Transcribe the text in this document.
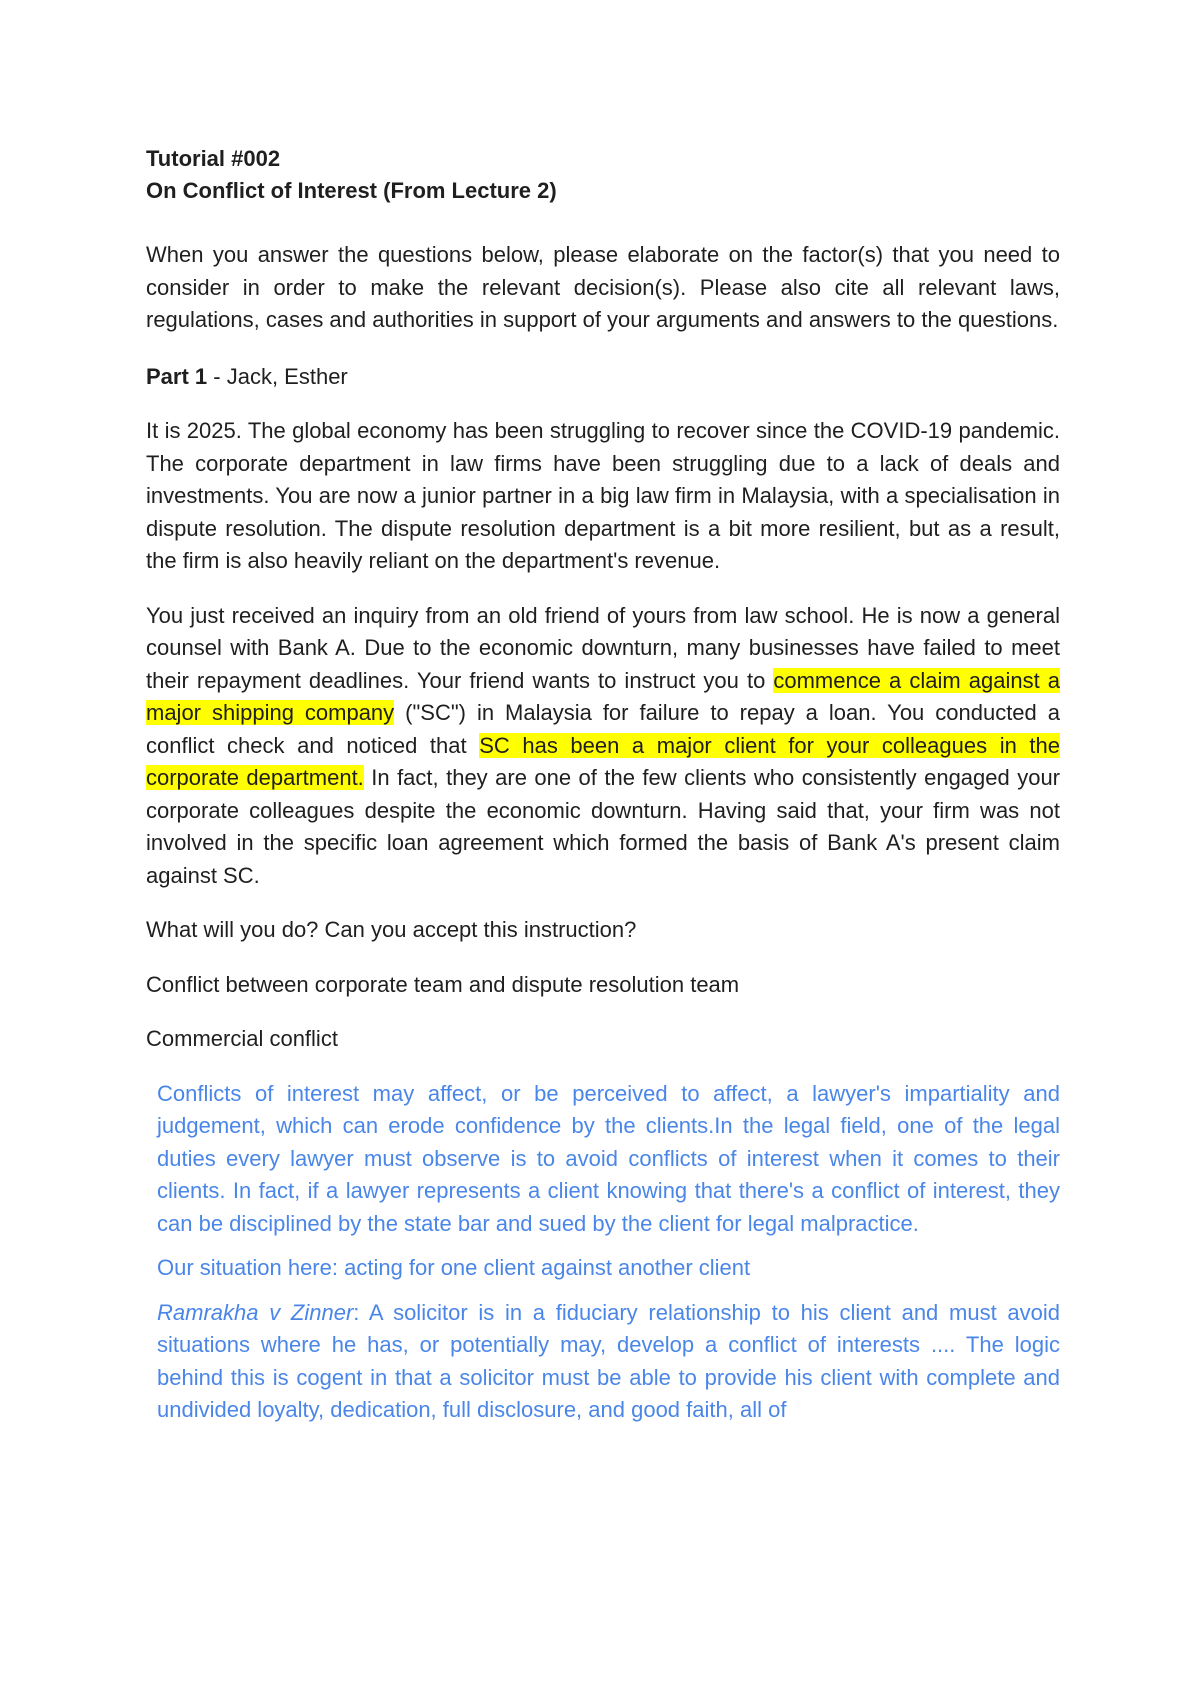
Tutorial #002
On Conflict of Interest (From Lecture 2)

When you answer the questions below, please elaborate on the factor(s) that you need to consider in order to make the relevant decision(s). Please also cite all relevant laws, regulations, cases and authorities in support of your arguments and answers to the questions.

Part 1 - Jack, Esther

It is 2025. The global economy has been struggling to recover since the COVID-19 pandemic. The corporate department in law firms have been struggling due to a lack of deals and investments. You are now a junior partner in a big law firm in Malaysia, with a specialisation in dispute resolution. The dispute resolution department is a bit more resilient, but as a result, the firm is also heavily reliant on the department's revenue.

You just received an inquiry from an old friend of yours from law school. He is now a general counsel with Bank A. Due to the economic downturn, many businesses have failed to meet their repayment deadlines. Your friend wants to instruct you to commence a claim against a major shipping company ("SC") in Malaysia for failure to repay a loan. You conducted a conflict check and noticed that SC has been a major client for your colleagues in the corporate department. In fact, they are one of the few clients who consistently engaged your corporate colleagues despite the economic downturn. Having said that, your firm was not involved in the specific loan agreement which formed the basis of Bank A's present claim against SC.

What will you do? Can you accept this instruction?

Conflict between corporate team and dispute resolution team

Commercial conflict

Conflicts of interest may affect, or be perceived to affect, a lawyer's impartiality and judgement, which can erode confidence by the clients.In the legal field, one of the legal duties every lawyer must observe is to avoid conflicts of interest when it comes to their clients. In fact, if a lawyer represents a client knowing that there's a conflict of interest, they can be disciplined by the state bar and sued by the client for legal malpractice.

Our situation here: acting for one client against another client

Ramrakha v Zinner: A solicitor is in a fiduciary relationship to his client and must avoid situations where he has, or potentially may, develop a conflict of interests .... The logic behind this is cogent in that a solicitor must be able to provide his client with complete and undivided loyalty, dedication, full disclosure, and good faith, all of
